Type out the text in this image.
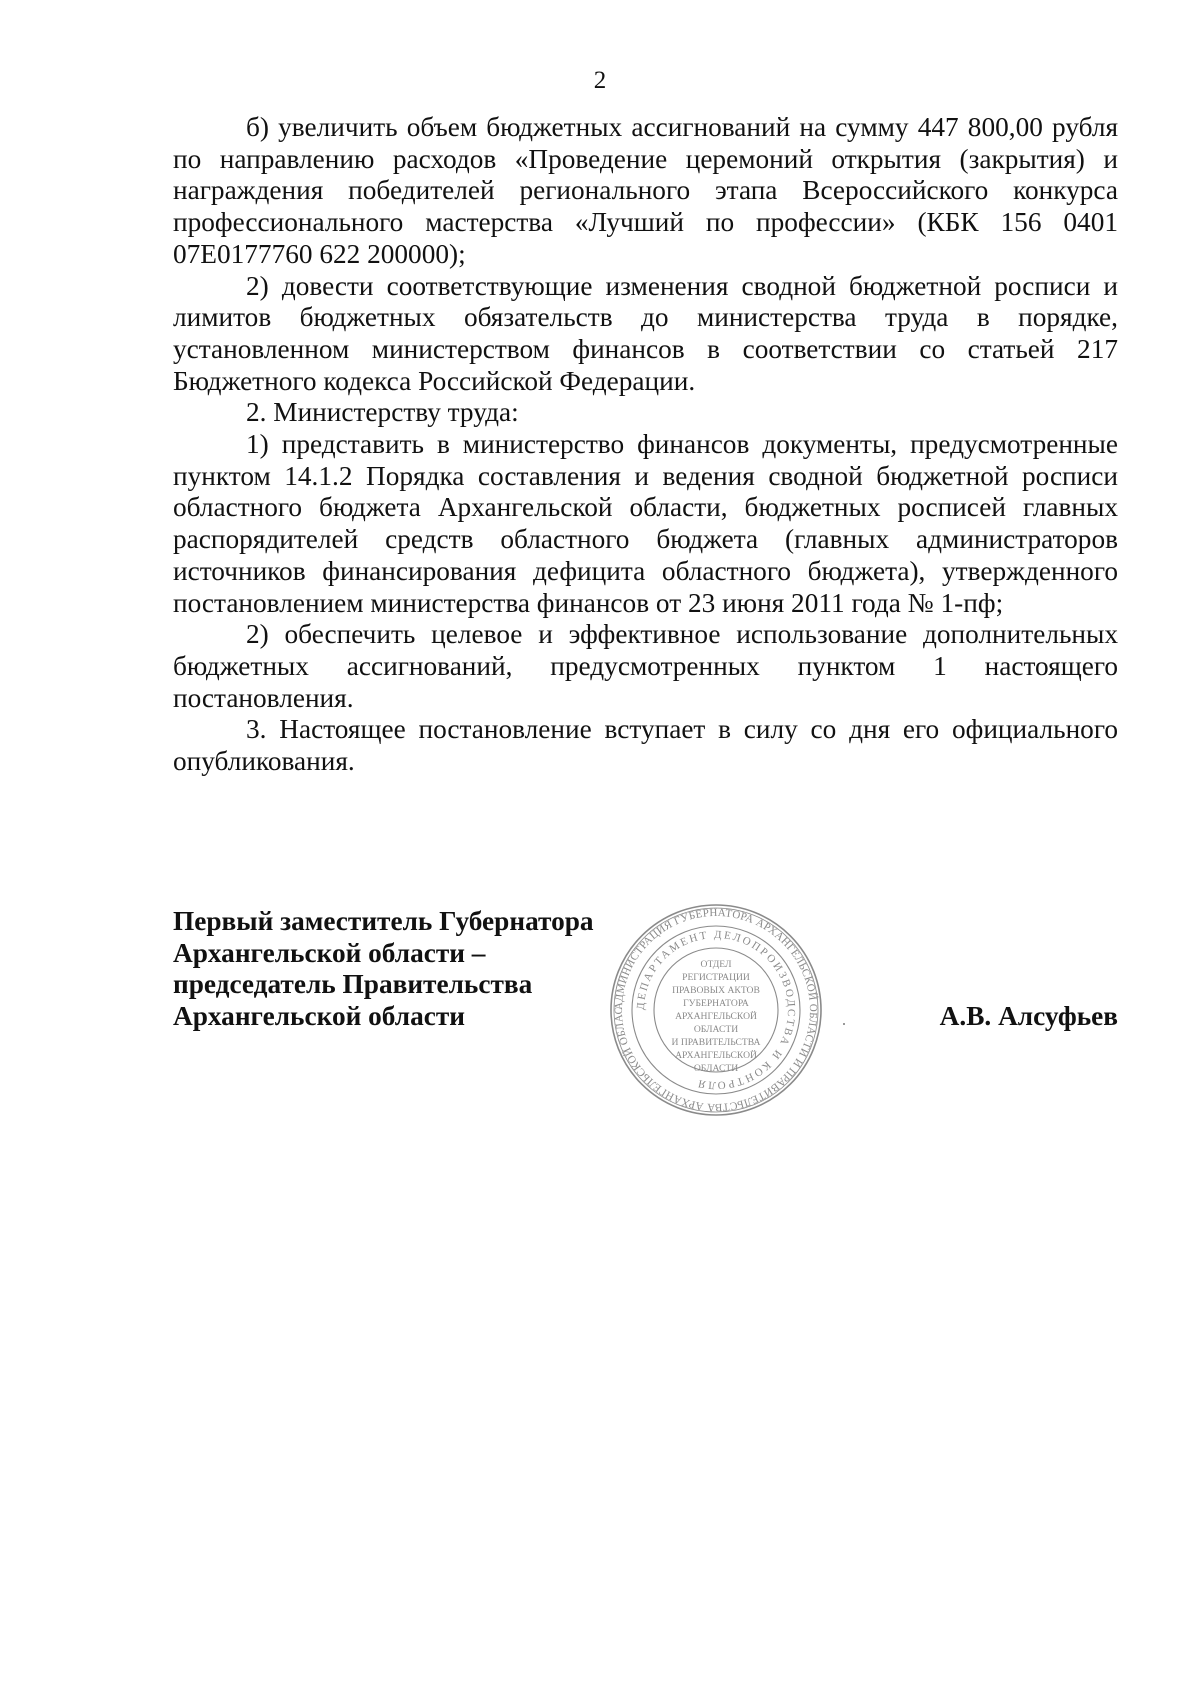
2

б) увеличить объем бюджетных ассигнований на сумму 447 800,00 рубля по направлению расходов «Проведение церемоний открытия (закрытия) и награждения победителей регионального этапа Всероссийского конкурса профессионального мастерства «Лучший по профессии» (КБК 156 0401 07Е0177760 622 200000);

2) довести соответствующие изменения сводной бюджетной росписи и лимитов бюджетных обязательств до министерства труда в порядке, установленном министерством финансов в соответствии со статьей 217 Бюджетного кодекса Российской Федерации.

2. Министерству труда:

1) представить в министерство финансов документы, предусмотренные пунктом 14.1.2 Порядка составления и ведения сводной бюджетной росписи областного бюджета Архангельской области, бюджетных росписей главных распорядителей средств областного бюджета (главных администраторов источников финансирования дефицита областного бюджета), утвержденного постановлением министерства финансов от 23 июня 2011 года № 1-пф;

2) обеспечить целевое и эффективное использование дополнительных бюджетных ассигнований, предусмотренных пунктом 1 настоящего постановления.

3. Настоящее постановление вступает в силу со дня его официального опубликования.

Первый заместитель Губернатора
Архангельской области –
председатель Правительства
Архангельской области	АДМИНИСТРАЦИЯ ГУБЕРНАТОРА АРХАНГЕЛЬСКОЙ ОБЛАСТИ И ПРАВИТЕЛЬСТВА АРХАНГЕЛЬСКОЙ ОБЛАС
ДЕПАРТАМЕНТ ДЕЛОПРОИЗВОДСТВА И КОНТРОЛЯ
ОТДЕЛ
РЕГИСТРАЦИИ
ПРАВОВЫХ АКТОВ
ГУБЕРНАТОРА
АРХАНГЕЛЬСКОЙ
ОБЛАСТИ
И ПРАВИТЕЛЬСТВА
АРХАНГЕЛЬСКОЙ
ОБЛАСТИ
А.В. Алсуфьев
